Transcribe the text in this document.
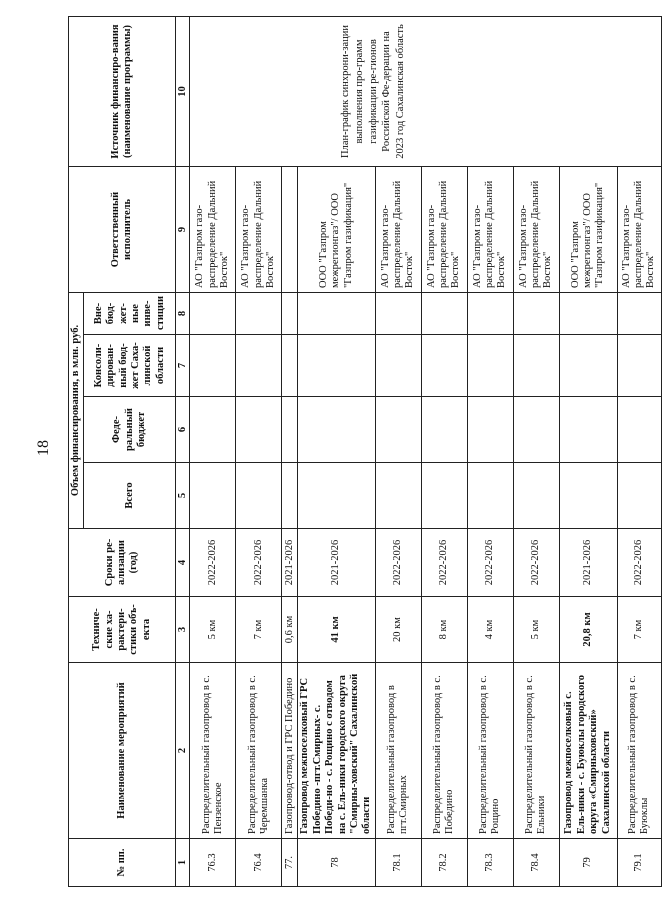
18
№ пп.	Наименование мероприятий	Техниче-ские ха-рактери-стики объ-екта	Сроки ре-ализации (год)	Объем финансирования, в млн. руб.				Ответственный исполнитель	Источник финансиро-вания (наименование программы)
				Всего	Феде-ральный бюджет	Консоли-дирован-ный бюд-жет Саха-линской области	Вне-бюд-жет-ные инве-стиции		
1	2	3	4	5	6	7	8	9	10
76.3	Распределительный газопровод в с. Пензенское	5 км	2022-2026					АО "Газпром газо-распределение Дальний Восток"	План-график синхрони-зации выполнения про-грамм газификации ре-гионов Российской Фе-дерации на 2023 год Сахалинская область
76.4	Распределительный газопровод в с. Черемшанка	7 км	2022-2026					АО "Газпром газо-распределение Дальний Восток"	
77.	Газопровод-отвод и ГРС Победино	0,6 км	2021-2026						
78	Газопровод межпоселковый ГРС Победино -пгт.Смирных- с. Победи-но - с. Рощино с отводом на с. Ель-ники городского округа "Смирны-ховский" Сахалинской области	41 км	2021-2026					ООО "Газпром межрегионгаз"/ ООО "Газпром газификация"	
78.1	Распределительный газопровод в пгт.Смирных	20 км	2022-2026					АО "Газпром газо-распределение Дальний Восток"	
78.2	Распределительный газопровод в с. Победино	8 км	2022-2026					АО "Газпром газо-распределение Дальний Восток"	
78.3	Распределительный газопровод в с. Рощино	4 км	2022-2026					АО "Газпром газо-распределение Дальний Восток"	
78.4	Распределительный газопровод в с. Ельники	5 км	2022-2026					АО "Газпром газо-распределение Дальний Восток"	
79	Газопровод межпоселковый с. Ель-ники - с. Буюклы городского округа «Смирныховский» Сахалинской области	20,8 км	2021-2026					ООО "Газпром межрегионгаз"/ ООО "Газпром газификация"	
79.1	Распределительный газопровод в с. Буюклы	7 км	2022-2026					АО "Газпром газо-распределение Дальний Восток"	
